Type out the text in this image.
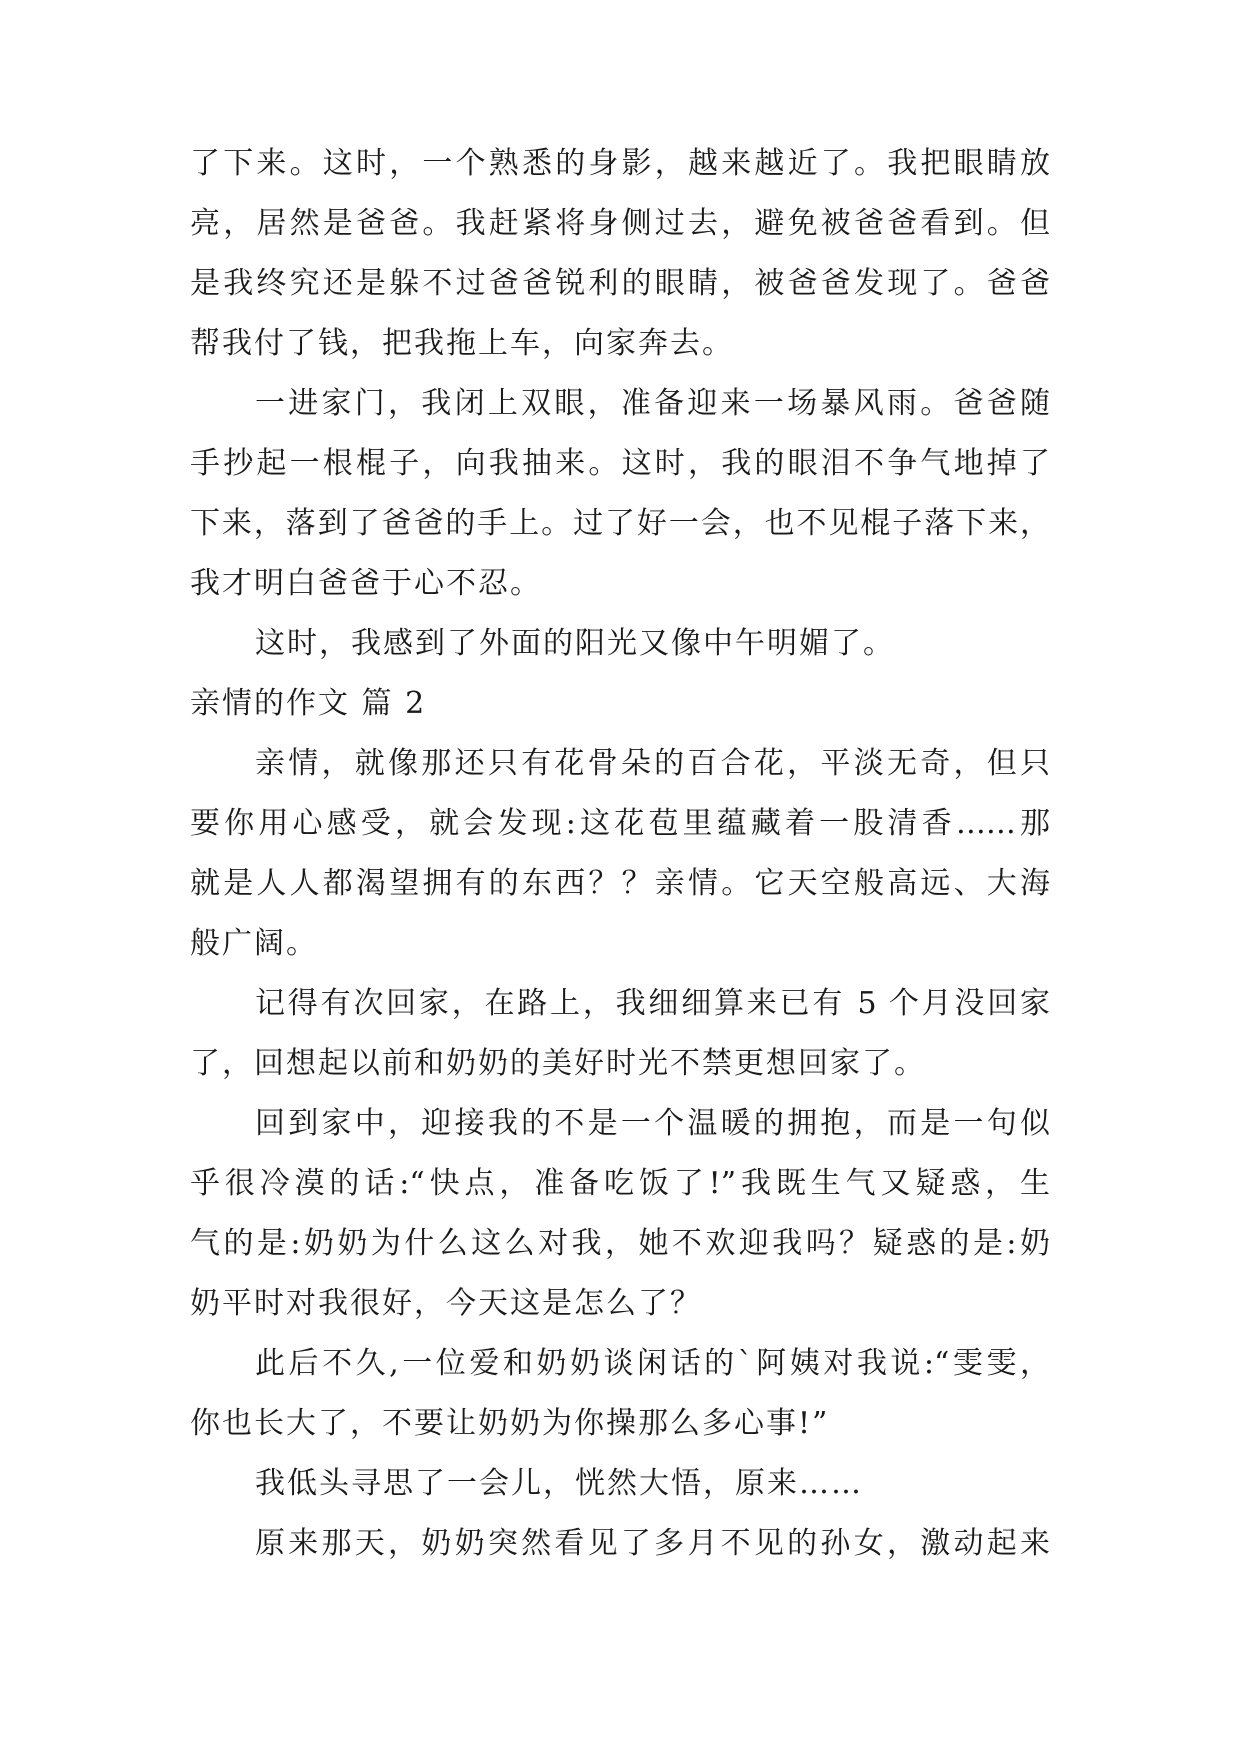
了下来。这时，一个熟悉的身影，越来越近了。我把眼睛放
亮，居然是爸爸。我赶紧将身侧过去，避免被爸爸看到。但
是我终究还是躲不过爸爸锐利的眼睛，被爸爸发现了。爸爸
帮我付了钱，把我拖上车，向家奔去。
一进家门，我闭上双眼，准备迎来一场暴风雨。爸爸随
手抄起一根棍子，向我抽来。这时，我的眼泪不争气地掉了
下来，落到了爸爸的手上。过了好一会，也不见棍子落下来，
我才明白爸爸于心不忍。
这时，我感到了外面的阳光又像中午明媚了。
亲情的作文 篇 2
亲情，就像那还只有花骨朵的百合花，平淡无奇，但只
要你用心感受，就会发现:这花苞里蕴藏着一股清香……那
就是人人都渴望拥有的东西？？亲情。它天空般高远、大海
般广阔。
记得有次回家，在路上，我细细算来已有 5 个月没回家
了，回想起以前和奶奶的美好时光不禁更想回家了。
回到家中，迎接我的不是一个温暖的拥抱，而是一句似
乎很冷漠的话:“快点，准备吃饭了!”我既生气又疑惑，生
气的是:奶奶为什么这么对我，她不欢迎我吗？疑惑的是:奶
奶平时对我很好，今天这是怎么了？
此后不久,一位爱和奶奶谈闲话的`阿姨对我说:“雯雯，
你也长大了，不要让奶奶为你操那么多心事!”
我低头寻思了一会儿，恍然大悟，原来……
原来那天，奶奶突然看见了多月不见的孙女，激动起来
